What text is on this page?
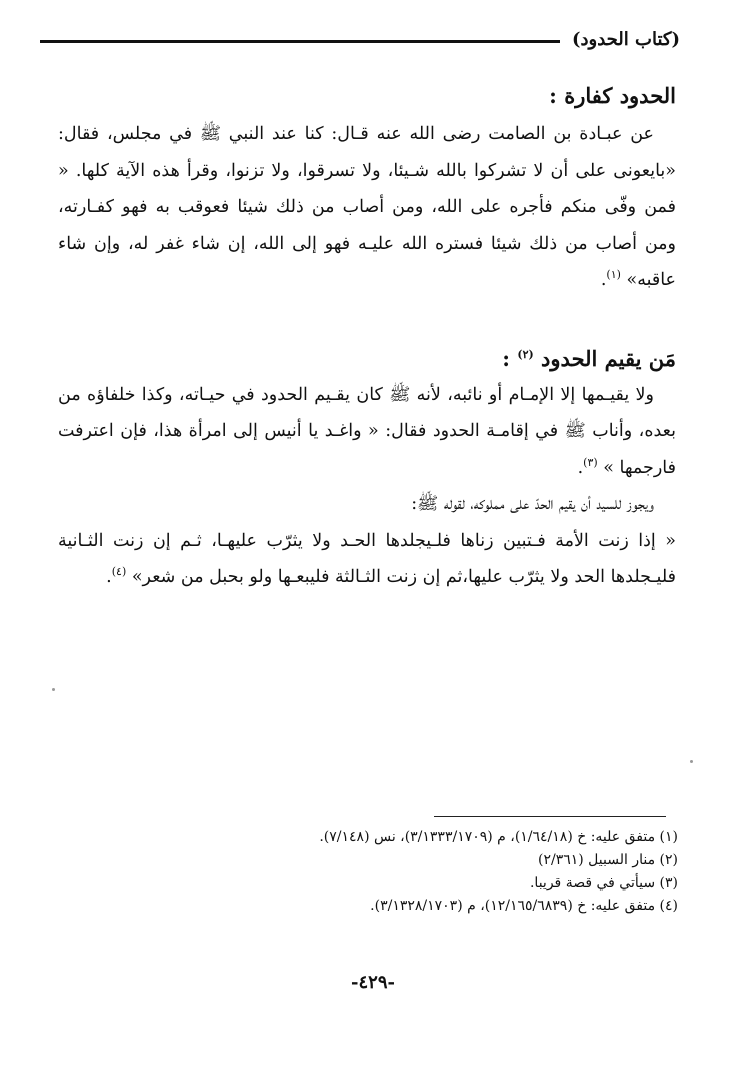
(كتاب الحدود)

الحدود كفارة :

عن عبـادة بن الصامت رضى الله عنه قـال: كنا عند النبي ﷺ في مجلس، فقال: «بايعونى على أن لا تشركوا بالله شـيئا، ولا تسرقوا، ولا تزنوا، وقرأ هذه الآية كلها. « فمن وفّى منكم فأجره على الله، ومن أصاب من ذلك شيئا فعوقب به فهو كفـارته، ومن أصاب من ذلك شيئا فستره الله عليـه فهو إلى الله، إن شاء غفر له، وإن شاء عاقبه» $^{(١)}$.

مَن يقيم الحدود $^{(٢)}$ :

ولا يقيـمها إلا الإمـام أو نائبه، لأنه ﷺ كان يقـيم الحدود في حيـاته، وكذا خلفاؤه من بعده، وأناب ﷺ في إقامـة الحدود فقال: « واغـد يا أنيس إلى امرأة هذا، فإن اعترفت فارجمها » $^{(٣)}$.

ويجوز للسيد أن يقيم الحدّ على مملوكه، لقوله ﷺ:

« إذا زنت الأمة فـتبين زناها فلـيجلدها الحـد ولا يثرّب عليهـا، ثـم إن زنت الثـانية فليـجلدها الحد ولا يثرّب عليها،ثم إن زنت الثـالثة فليبعـها ولو بحبل من شعر» $^{(٤)}$.

(١) متفق عليه: خ (١/٦٤/١٨)، م (٣/١٣٣٣/١٧٠٩)، نس (٧/١٤٨).
(٢) منار السبيل (٢/٣٦١)
(٣) سيأتي في قصة قريبا.
(٤) متفق عليه: خ (١٢/١٦٥/٦٨٣٩)، م (٣/١٣٢٨/١٧٠٣).
-٤٢٩-
